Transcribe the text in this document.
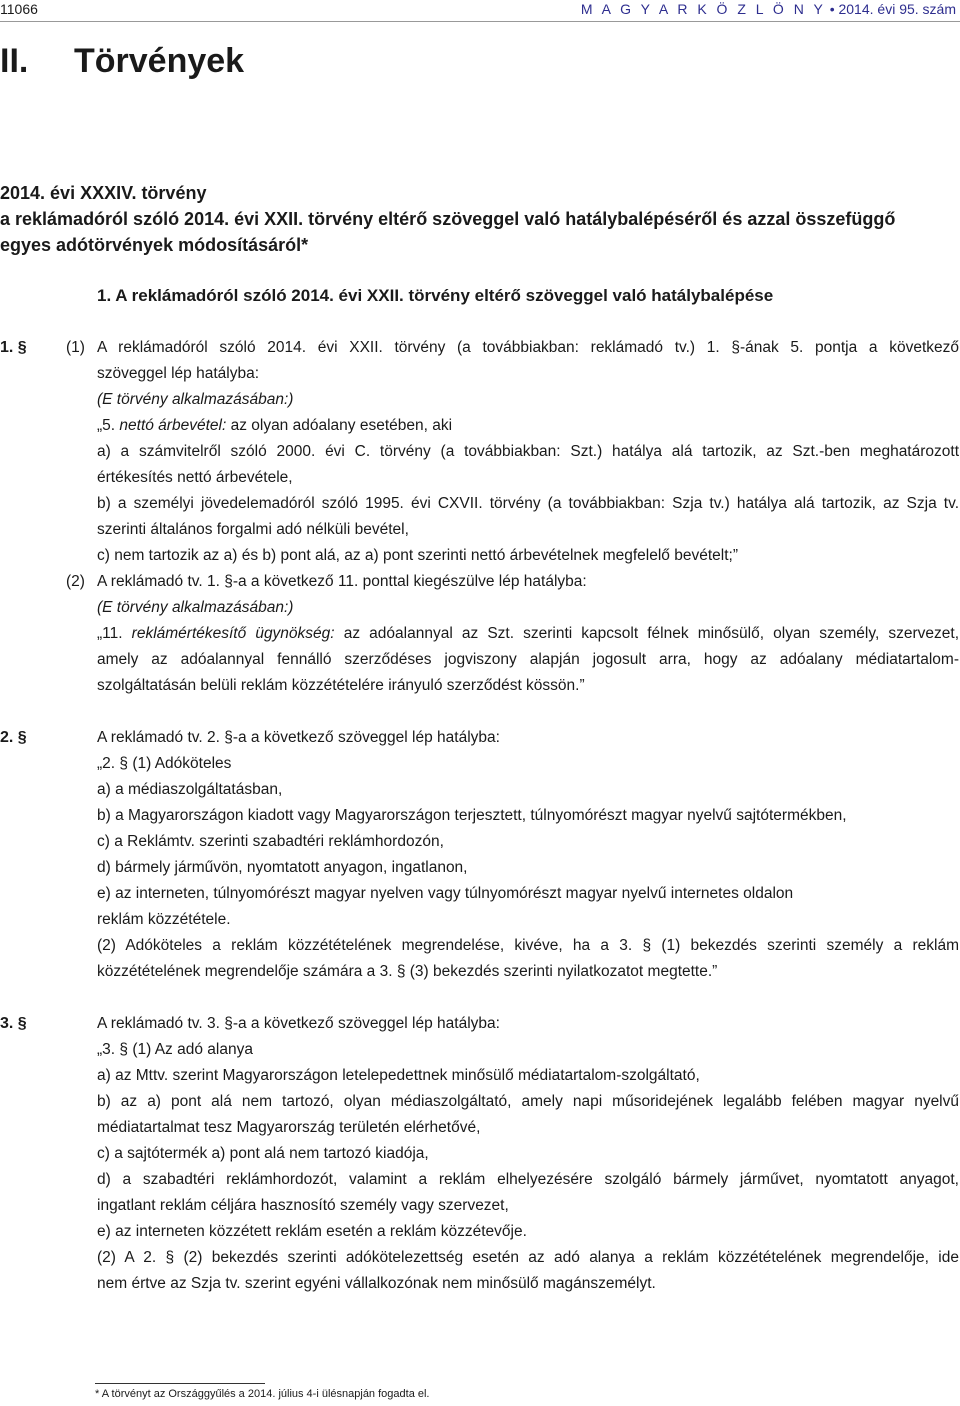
11066	M A G Y A R K Ö Z L Ö N Y • 2014. évi 95. szám
II. Törvények
2014. évi XXXIV. törvény
a reklámadóról szóló 2014. évi XXII. törvény eltérő szöveggel való hatálybalépéséről és azzal összefüggő
egyes adótörvények módosításáról*
1. A reklámadóról szóló 2014. évi XXII. törvény eltérő szöveggel való hatálybalépése
1. §	(1) A reklámadóról szóló 2014. évi XXII. törvény (a továbbiakban: reklámadó tv.) 1. §-ának 5. pontja a következő
szöveggel lép hatályba:
(E törvény alkalmazásában:)
„5. nettó árbevétel: az olyan adóalany esetében, aki
a) a számvitelről szóló 2000. évi C. törvény (a továbbiakban: Szt.) hatálya alá tartozik, az Szt.-ben meghatározott
értékesítés nettó árbevétele,
b) a személyi jövedelemadóról szóló 1995. évi CXVII. törvény (a továbbiakban: Szja tv.) hatálya alá tartozik, az Szja tv.
szerinti általános forgalmi adó nélküli bevétel,
c) nem tartozik az a) és b) pont alá, az a) pont szerinti nettó árbevételnek megfelelő bevételt;”
(2) A reklámadó tv. 1. §-a a következő 11. ponttal kiegészülve lép hatályba:
(E törvény alkalmazásában:)
„11. reklámértékesítő ügynökség: az adóalannyal az Szt. szerinti kapcsolt félnek minősülő, olyan személy, szervezet,
amely az adóalannyal fennálló szerződéses jogviszony alapján jogosult arra, hogy az adóalany médiatartalom-
szolgáltatásán belüli reklám közzétételére irányuló szerződést kössön.”
2. §	A reklámadó tv. 2. §-a a következő szöveggel lép hatályba:
„2. § (1) Adóköteles
a) a médiaszolgáltatásban,
b) a Magyarországon kiadott vagy Magyarországon terjesztett, túlnyomórészt magyar nyelvű sajtótermékben,
c) a Reklámtv. szerinti szabadtéri reklámhordozón,
d) bármely járművön, nyomtatott anyagon, ingatlanon,
e) az interneten, túlnyomórészt magyar nyelven vagy túlnyomórészt magyar nyelvű internetes oldalon
reklám közzététele.
(2) Adóköteles a reklám közzétételének megrendelése, kivéve, ha a 3. § (1) bekezdés szerinti személy a reklám
közzétételének megrendelője számára a 3. § (3) bekezdés szerinti nyilatkozatot megtette.”
3. §	A reklámadó tv. 3. §-a a következő szöveggel lép hatályba:
„3. § (1) Az adó alanya
a) az Mttv. szerint Magyarországon letelepedettnek minősülő médiatartalom-szolgáltató,
b) az a) pont alá nem tartozó, olyan médiaszolgáltató, amely napi műsoridejének legalább felében magyar nyelvű
médiatartalmat tesz Magyarország területén elérhetővé,
c) a sajtótermék a) pont alá nem tartozó kiadója,
d) a szabadtéri reklámhordozót, valamint a reklám elhelyezésére szolgáló bármely járművet, nyomtatott anyagot,
ingatlant reklám céljára hasznosító személy vagy szervezet,
e) az interneten közzétett reklám esetén a reklám közzétevője.
(2) A 2. § (2) bekezdés szerinti adókötelezettség esetén az adó alanya a reklám közzétételének megrendelője, ide
nem értve az Szja tv. szerint egyéni vállalkozónak nem minősülő magánszemélyt.
* A törvényt az Országgyűlés a 2014. július 4-i ülésnapján fogadta el.
